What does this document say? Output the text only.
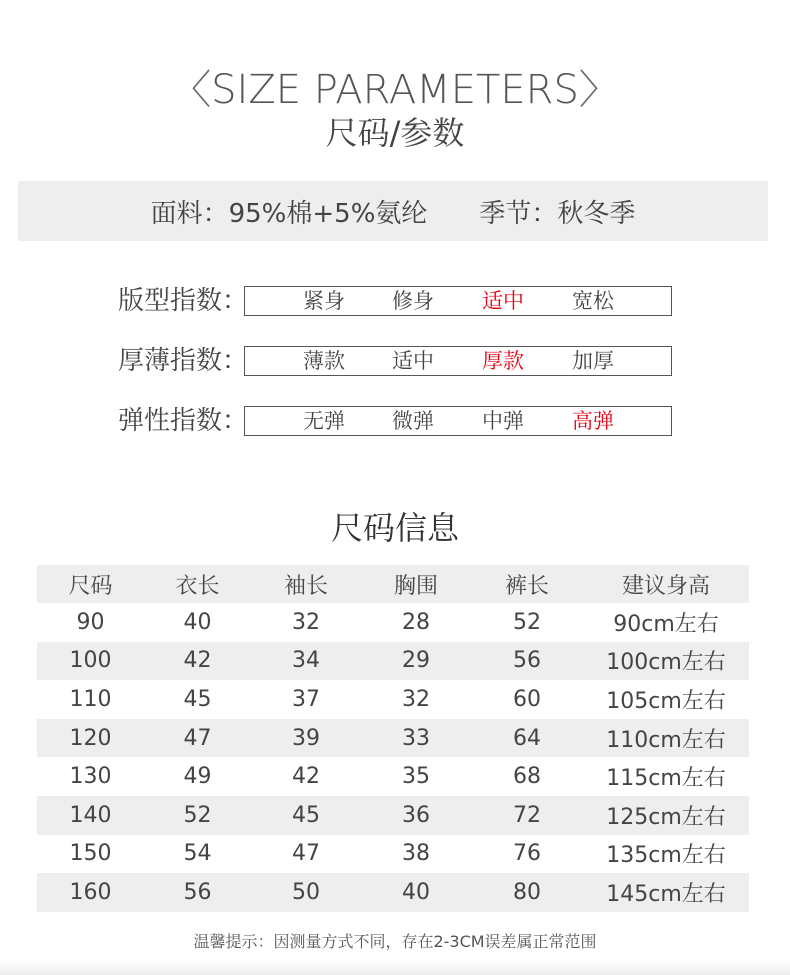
〈SIZE PARAMETERS〉
尺码/参数
面料：95%棉+5%氨纶 季节：秋冬季
版型指数：	紧身 修身 适中 宽松
厚薄指数：	薄款 适中 厚款 加厚
弹性指数：	无弹 微弹 中弹 高弹
尺码信息
尺码	衣长	袖长	胸围	裤长	建议身高
90	40	32	28	52	90cm左右
100	42	34	29	56	100cm左右
110	45	37	32	60	105cm左右
120	47	39	33	64	110cm左右
130	49	42	35	68	115cm左右
140	52	45	36	72	125cm左右
150	54	47	38	76	135cm左右
160	56	50	40	80	145cm左右
温馨提示：因测量方式不同，存在2-3CM误差属正常范围
